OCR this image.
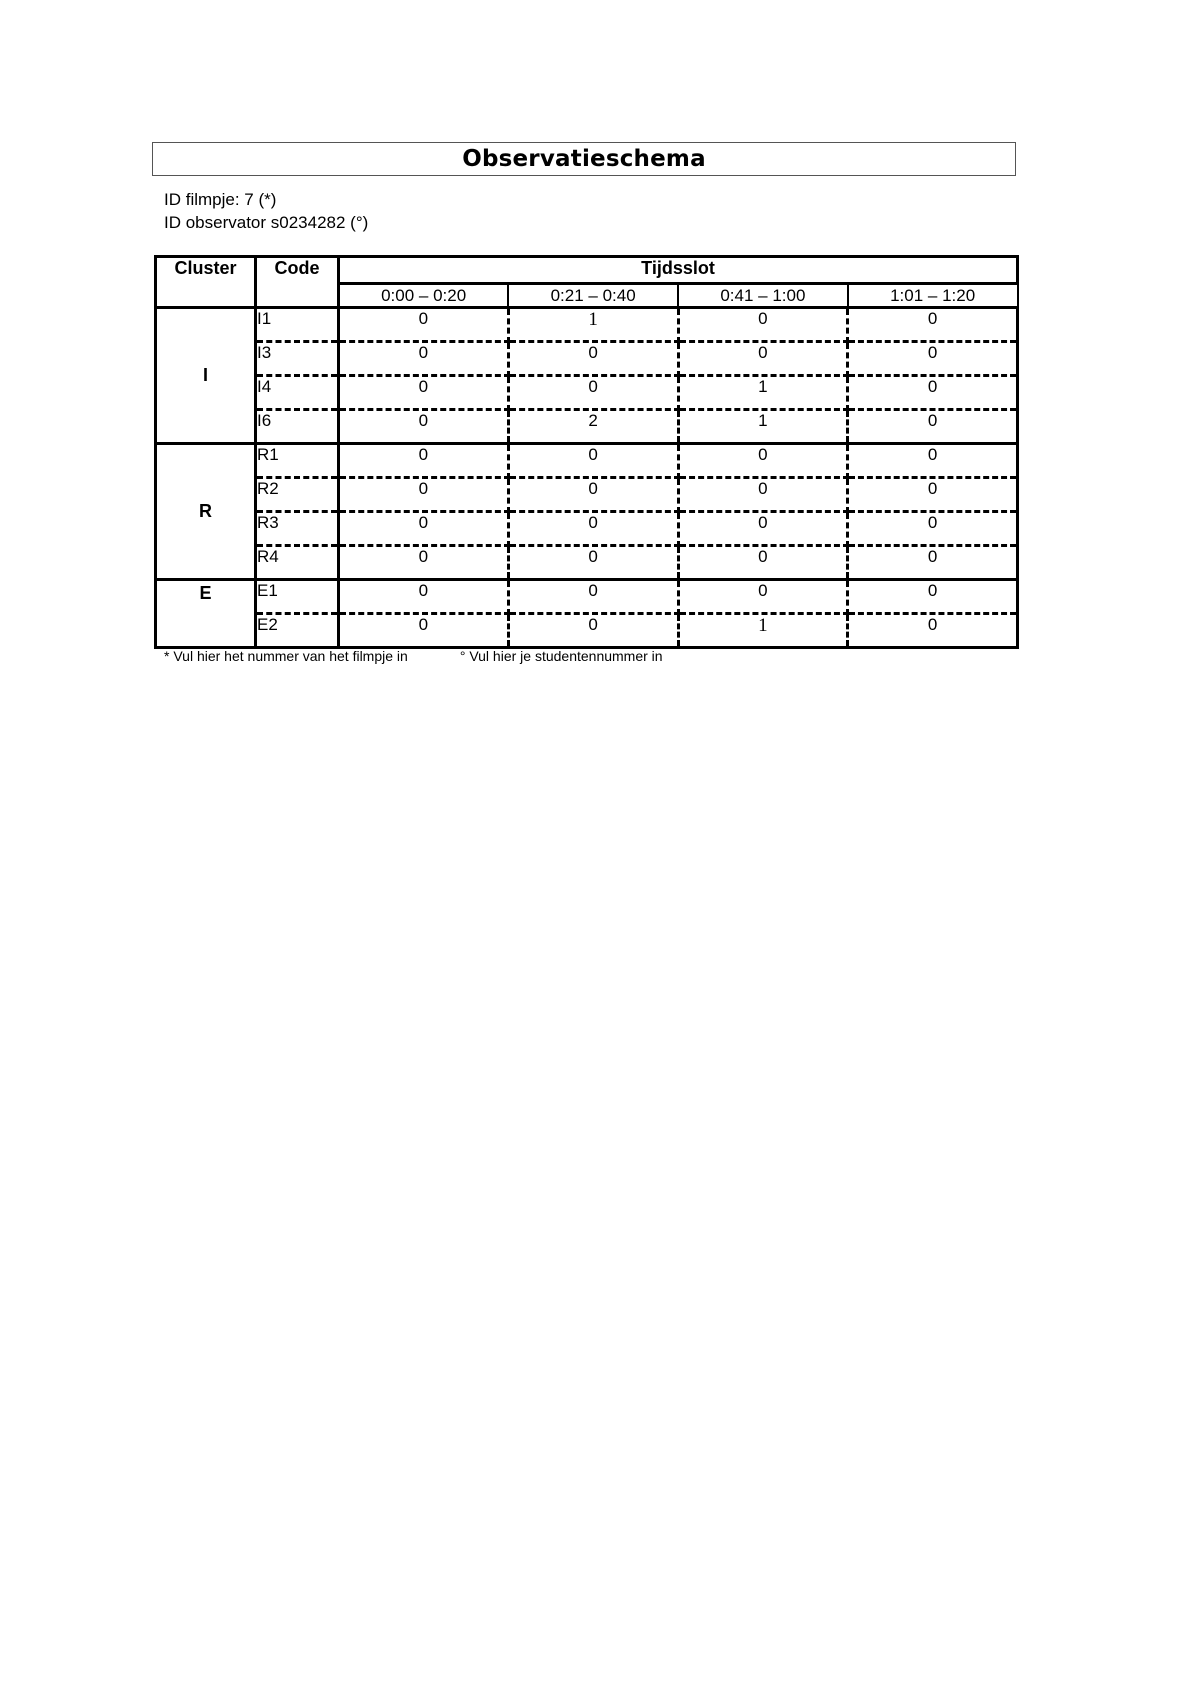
Observatieschema
ID filmpje: 7 (*)
ID observator s0234282 (°)
Cluster	Code	Tijdsslot			
		0:00 – 0:20	0:21 – 0:40	0:41 – 1:00	1:01 – 1:20
I	I1	0	1	0	0
	I3	0	0	0	0
	I4	0	0	1	0
	I6	0	2	1	0
R	R1	0	0	0	0
	R2	0	0	0	0
	R3	0	0	0	0
	R4	0	0	0	0
E	E1	0	0	0	0
	E2	0	0	1	0
* Vul hier het nummer van het filmpje in	° Vul hier je studentennummer in
